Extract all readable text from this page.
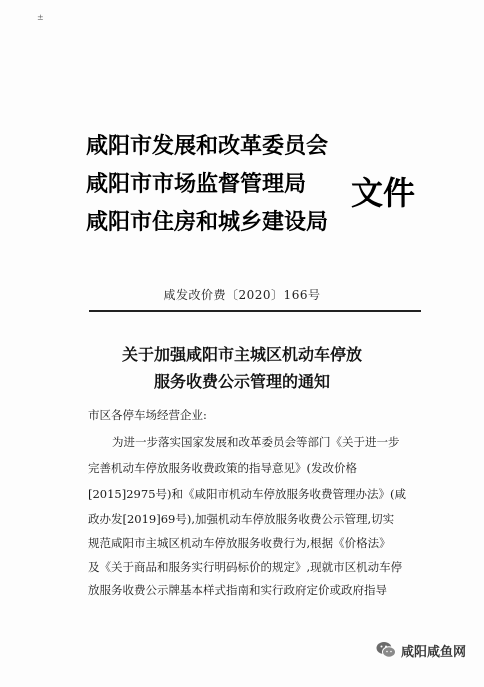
±
咸阳市发展和改革委员会
咸阳市市场监督管理局
咸阳市住房和城乡建设局
文件
咸发改价费〔2020〕166号
关于加强咸阳市主城区机动车停放
服务收费公示管理的通知
市区各停车场经营企业:
为进一步落实国家发展和改革委员会等部门《关于进一步
完善机动车停放服务收费政策的指导意见》(发改价格
[2015]2975号)和《咸阳市机动车停放服务收费管理办法》(咸
政办发[2019]69号),加强机动车停放服务收费公示管理,切实
规范咸阳市主城区机动车停放服务收费行为,根据《价格法》
及《关于商品和服务实行明码标价的规定》,现就市区机动车停
放服务收费公示牌基本样式指南和实行政府定价或政府指导
咸阳咸鱼网
